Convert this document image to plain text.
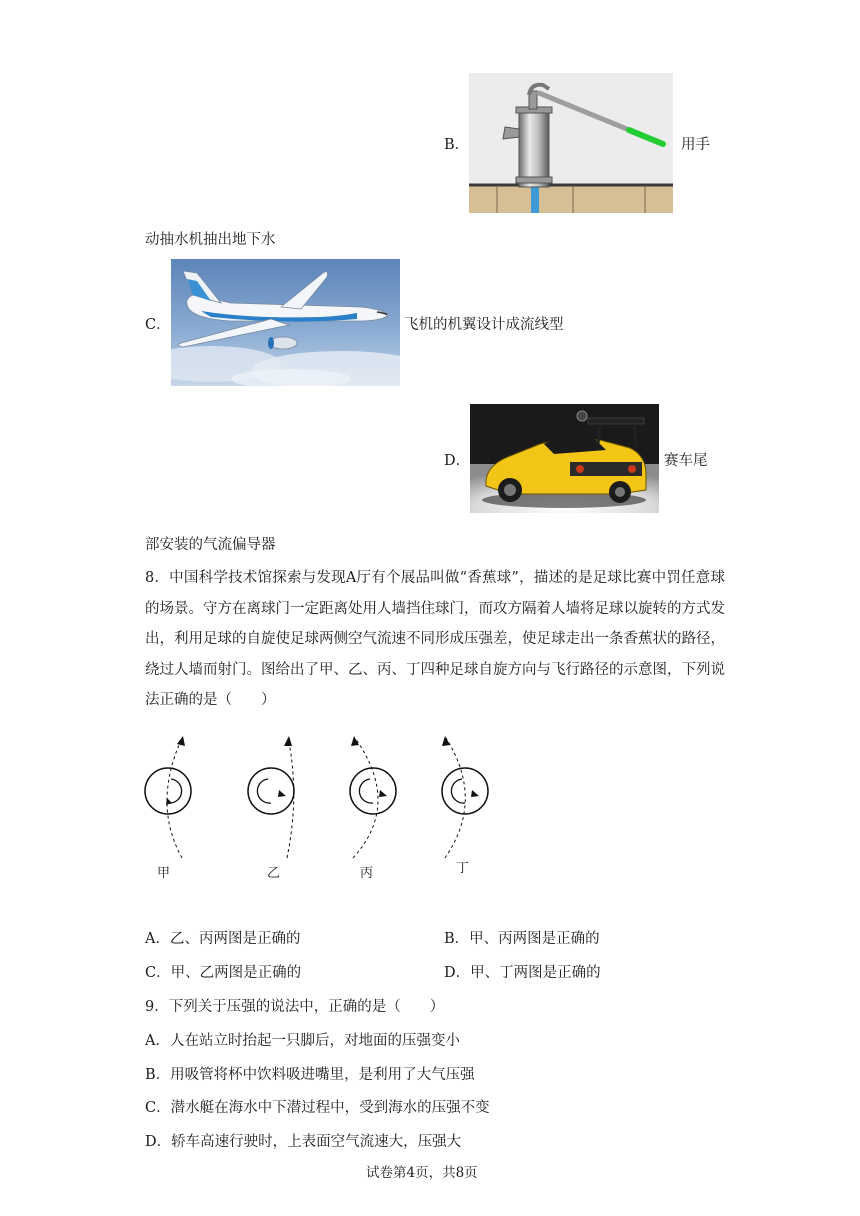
B．	用手
动抽水机抽出地下水
C．	飞机的机翼设计成流线型
D．	赛车尾
部安装的气流偏导器
8．中国科学技术馆探索与发现A厅有个展品叫做“香蕉球”，描述的是足球比赛中罚任意球的场景。守方在离球门一定距离处用人墙挡住球门，而攻方隔着人墙将足球以旋转的方式发出，利用足球的自旋使足球两侧空气流速不同形成压强差，使足球走出一条香蕉状的路径，绕过人墙而射门。图给出了甲、乙、丙、丁四种足球自旋方向与飞行路径的示意图，下列说法正确的是（　　）
甲	乙	丙	丁
A．乙、丙两图是正确的	B．甲、丙两图是正确的
C．甲、乙两图是正确的	D．甲、丁两图是正确的
9．下列关于压强的说法中，正确的是（　　）
A．人在站立时抬起一只脚后，对地面的压强变小
B．用吸管将杯中饮料吸进嘴里，是利用了大气压强
C．潜水艇在海水中下潜过程中，受到海水的压强不变
D．轿车高速行驶时，上表面空气流速大，压强大
试卷第4页，共8页
